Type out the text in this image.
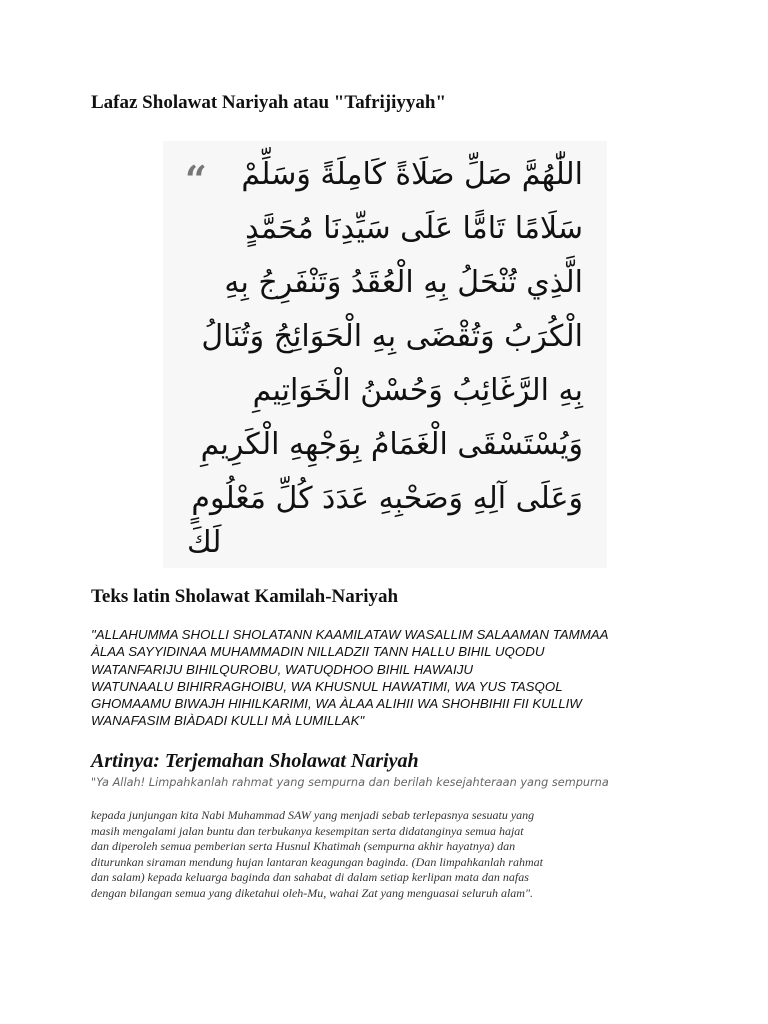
Lafaz Sholawat Nariyah atau "Tafrijiyyah"
“ اللّٰهُمَّ صَلِّ صَلَاةً كَامِلَةً وَسَلِّمْ
سَلَامًا تَامًّا عَلَى سَيِّدِنَا مُحَمَّدٍ
الَّذِي تُنْحَلُ بِهِ الْعُقَدُ وَتَنْفَرِجُ بِهِ
الْكُرَبُ وَتُقْضَى بِهِ الْحَوَائِجُ وَتُنَالُ
بِهِ الرَّغَائِبُ وَحُسْنُ الْخَوَاتِيمِ
وَيُسْتَسْقَى الْغَمَامُ بِوَجْهِهِ الْكَرِيمِ
وَعَلَى آلِهِ وَصَحْبِهِ عَدَدَ كُلِّ مَعْلُومٍ
لَكَ
Teks latin Sholawat Kamilah-Nariyah
"ALLAHUMMA SHOLLI SHOLATANN KAAMILATAW WASALLIM SALAAMAN TAMMAA
ÀLAA SAYYIDINAA MUHAMMADIN NILLADZII TANN HALLU BIHIL UQODU
WATANFARIJU BIHILQUROBU, WATUQDHOO BIHIL HAWAIJU
WATUNAALU BIHIRRAGHOIBU, WA KHUSNUL HAWATIMI, WA YUS TASQOL
GHOMAAMU BIWAJH HIHILKARIMI, WA ÀLAA ALIHII WA SHOHBIHII FII KULLIW
WANAFASIM BIÀDADI KULLI MÀ LUMILLAK"
Artinya: Terjemahan Sholawat Nariyah
"Ya Allah! Limpahkanlah rahmat yang sempurna dan berilah kesejahteraan yang sempurna
kepada junjungan kita Nabi Muhammad SAW yang menjadi sebab terlepasnya sesuatu yang
masih mengalami jalan buntu dan terbukanya kesempitan serta didatanginya semua hajat
dan diperoleh semua pemberian serta Husnul Khatimah (sempurna akhir hayatnya) dan
diturunkan siraman mendung hujan lantaran keagungan baginda. (Dan limpahkanlah rahmat
dan salam) kepada keluarga baginda dan sahabat di dalam setiap kerlipan mata dan nafas
dengan bilangan semua yang diketahui oleh-Mu, wahai Zat yang menguasai seluruh alam".
